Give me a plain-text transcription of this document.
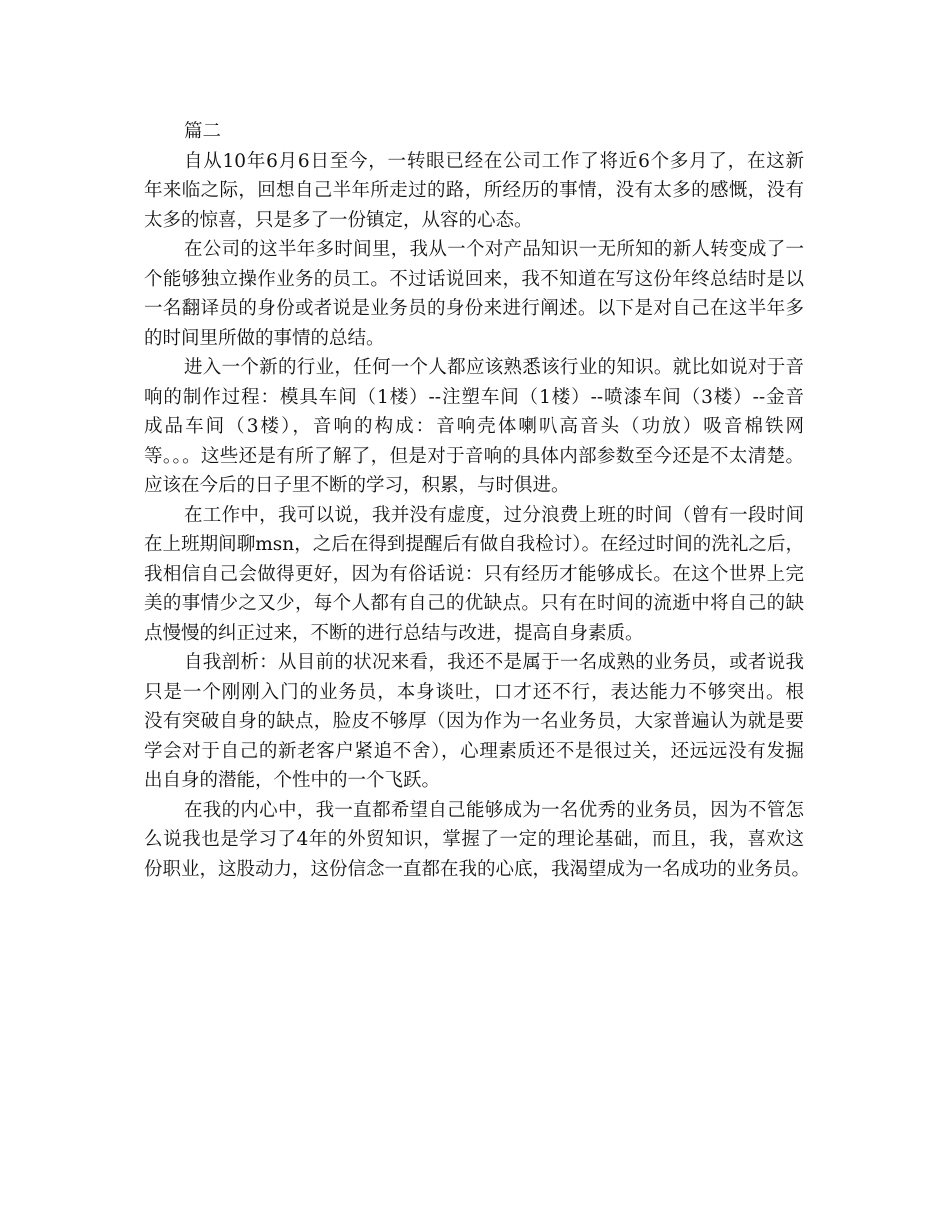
篇二

自从10年6月6日至今，一转眼已经在公司工作了将近6个多月了，在这新
年来临之际，回想自己半年所走过的路，所经历的事情，没有太多的感慨，没有
太多的惊喜，只是多了一份镇定，从容的心态。
在公司的这半年多时间里，我从一个对产品知识一无所知的新人转变成了一
个能够独立操作业务的员工。不过话说回来，我不知道在写这份年终总结时是以
一名翻译员的身份或者说是业务员的身份来进行阐述。以下是对自己在这半年多
的时间里所做的事情的总结。
进入一个新的行业，任何一个人都应该熟悉该行业的知识。就比如说对于音
响的制作过程：模具车间（1楼）--注塑车间（1楼）--喷漆车间（3楼）--金音
成品车间（3楼），音响的构成：音响壳体喇叭高音头（功放）吸音棉铁网
等。。。这些还是有所了解了，但是对于音响的具体内部参数至今还是不太清楚。
应该在今后的日子里不断的学习，积累，与时俱进。
在工作中，我可以说，我并没有虚度，过分浪费上班的时间（曾有一段时间
在上班期间聊msn，之后在得到提醒后有做自我检讨）。在经过时间的洗礼之后，
我相信自己会做得更好，因为有俗话说：只有经历才能够成长。在这个世界上完
美的事情少之又少，每个人都有自己的优缺点。只有在时间的流逝中将自己的缺
点慢慢的纠正过来，不断的进行总结与改进，提高自身素质。
自我剖析：从目前的状况来看，我还不是属于一名成熟的业务员，或者说我
只是一个刚刚入门的业务员，本身谈吐，口才还不行，表达能力不够突出。根
没有突破自身的缺点，脸皮不够厚（因为作为一名业务员，大家普遍认为就是要
学会对于自己的新老客户紧追不舍），心理素质还不是很过关，还远远没有发掘
出自身的潜能，个性中的一个飞跃。
在我的内心中，我一直都希望自己能够成为一名优秀的业务员，因为不管怎
么说我也是学习了4年的外贸知识，掌握了一定的理论基础，而且，我，喜欢这
份职业，这股动力，这份信念一直都在我的心底，我渴望成为一名成功的业务员。
